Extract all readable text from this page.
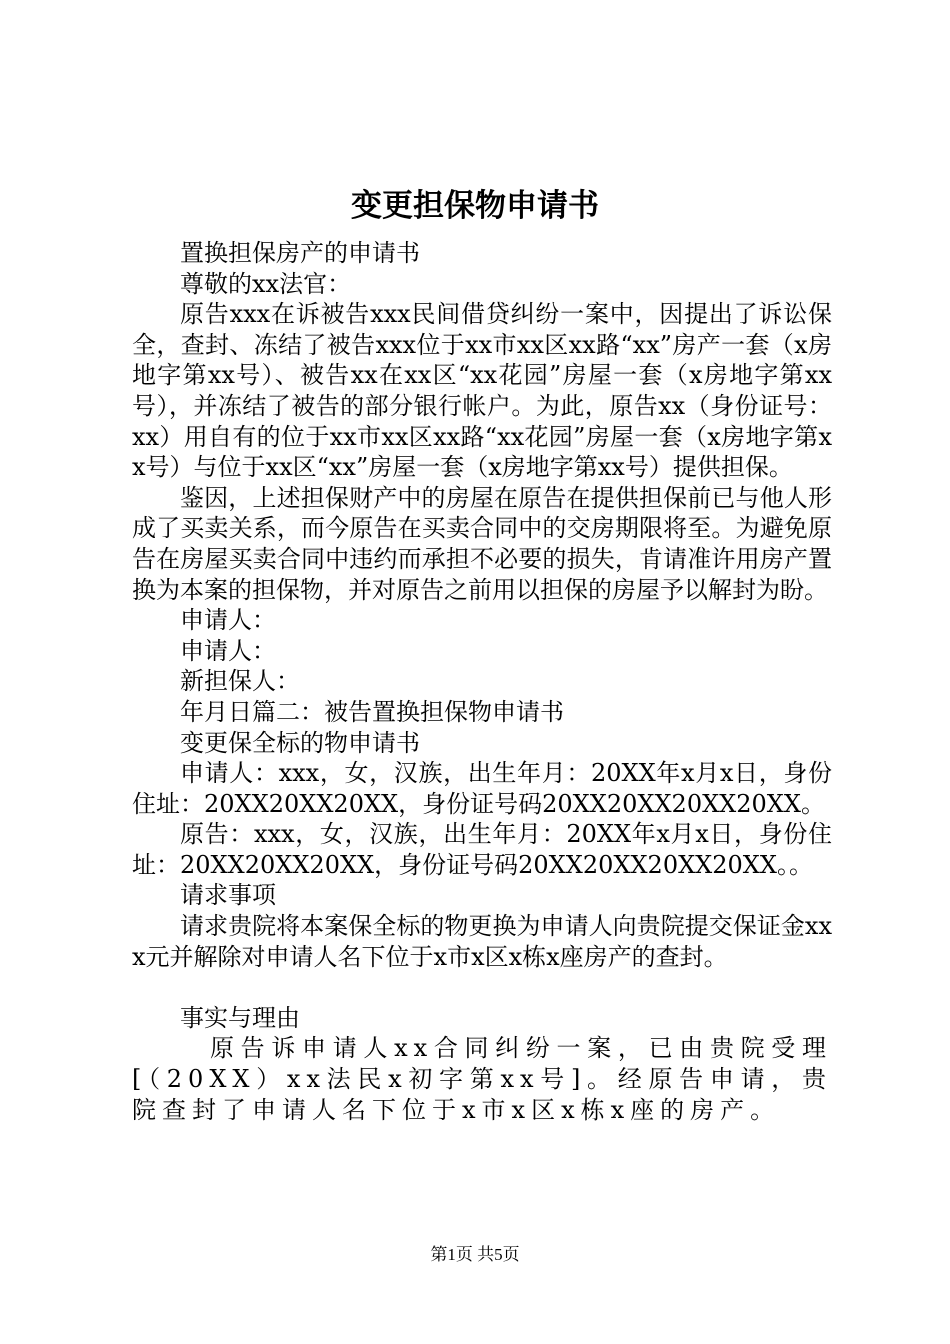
变更担保物申请书

置换担保房产的申请书

尊敬的xx法官：

原告xxx在诉被告xxx民间借贷纠纷一案中，因提出了诉讼保全，查封、冻结了被告xxx位于xx市xx区xx路“xx”房产一套（x房地字第xx号）、被告xx在xx区“xx花园”房屋一套（x房地字第xx号），并冻结了被告的部分银行帐户。为此，原告xx（身份证号：xx）用自有的位于xx市xx区xx路“xx花园”房屋一套（x房地字第xx号）与位于xx区“xx”房屋一套（x房地字第xx号）提供担保。

鉴因，上述担保财产中的房屋在原告在提供担保前已与他人形成了买卖关系，而今原告在买卖合同中的交房期限将至。为避免原告在房屋买卖合同中违约而承担不必要的损失，肯请准许用房产置换为本案的担保物，并对原告之前用以担保的房屋予以解封为盼。

申请人：

申请人：

新担保人：

年月日篇二：被告置换担保物申请书

变更保全标的物申请书

申请人：xxx，女，汉族，出生年月：20XX年x月x日，身份住址：20XX20XX20XX，身份证号码20XX20XX20XX20XX。

原告：xxx，女，汉族，出生年月：20XX年x月x日，身份住址：20XX20XX20XX，身份证号码20XX20XX20XX20XX。。

请求事项

请求贵院将本案保全标的物更换为申请人向贵院提交保证金xxx元并解除对申请人名下位于x市x区x栋x座房产的查封。

事实与理由

原告诉申请人xx合同纠纷一案，已由贵院受理[（20XX）xx法民x初字第xx号]。经原告申请，贵院查封了申请人名下位于x市x区x栋x座的房产。

第1页 共5页
